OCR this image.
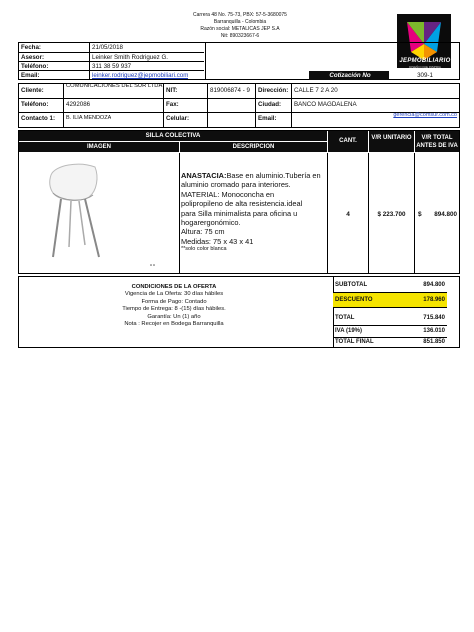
Carrera 48 No. 75-73, PBX: 57-5-3680075
Barranquilla - Colombia
Razón social: METALICAS JEP S.A
Nit: 890323667-6
JEPMOBILIARIO
DISEÑO QUE INSPIRA
Fecha:	21/05/2018
Asesor:	Leinker Smith Rodriguez G.
Teléfono:	311 38 59 937
Email:	leinker.rodriguez@jepmobiliari.com	Cotización No	309-1
Cliente:
COMUNICACIONES DEL SUR LTDA
NIT:	819006874 - 9	Dirección: CALLE 7 2 A 20
Teléfono:	4292086	Fax:	Ciudad:	BANCO MAGDALENA
Contacto 1:	B. ILIA MENDOZA	Celular:	Email:	gerencia@comsur.com.co
SILLA COLECTIVA
IMAGEN	DESCRIPCION
CANT.	V/R UNITARIO	V/R TOTAL ANTES DE IVA
ANASTACIA:Base en aluminio.Tubería en
aluminio cromado para interiores.
MATERIAL: Monoconcha en
polipropileno de alta resistencia.ideal
para Silla minimalista para oficina u
hogarergonómico.
Altura: 75 cm
Medidas: 75 x 43 x 41
**solo color blanca
4	$ 223.700	$	894.800
CONDICIONES DE LA OFERTA
Vigencia de La Oferta: 30 días hábiles
Forma de Pago: Contado
Tiempo de Entrega: 8 -(15) días hábiles.
Garantía: Un (1) año
Nota : Recojer en Bodega Barranquilla
SUBTOTAL	894.800
DESCUENTO	178.960
TOTAL	715.840
IVA (19%)	136.010
TOTAL FINAL	851.850
